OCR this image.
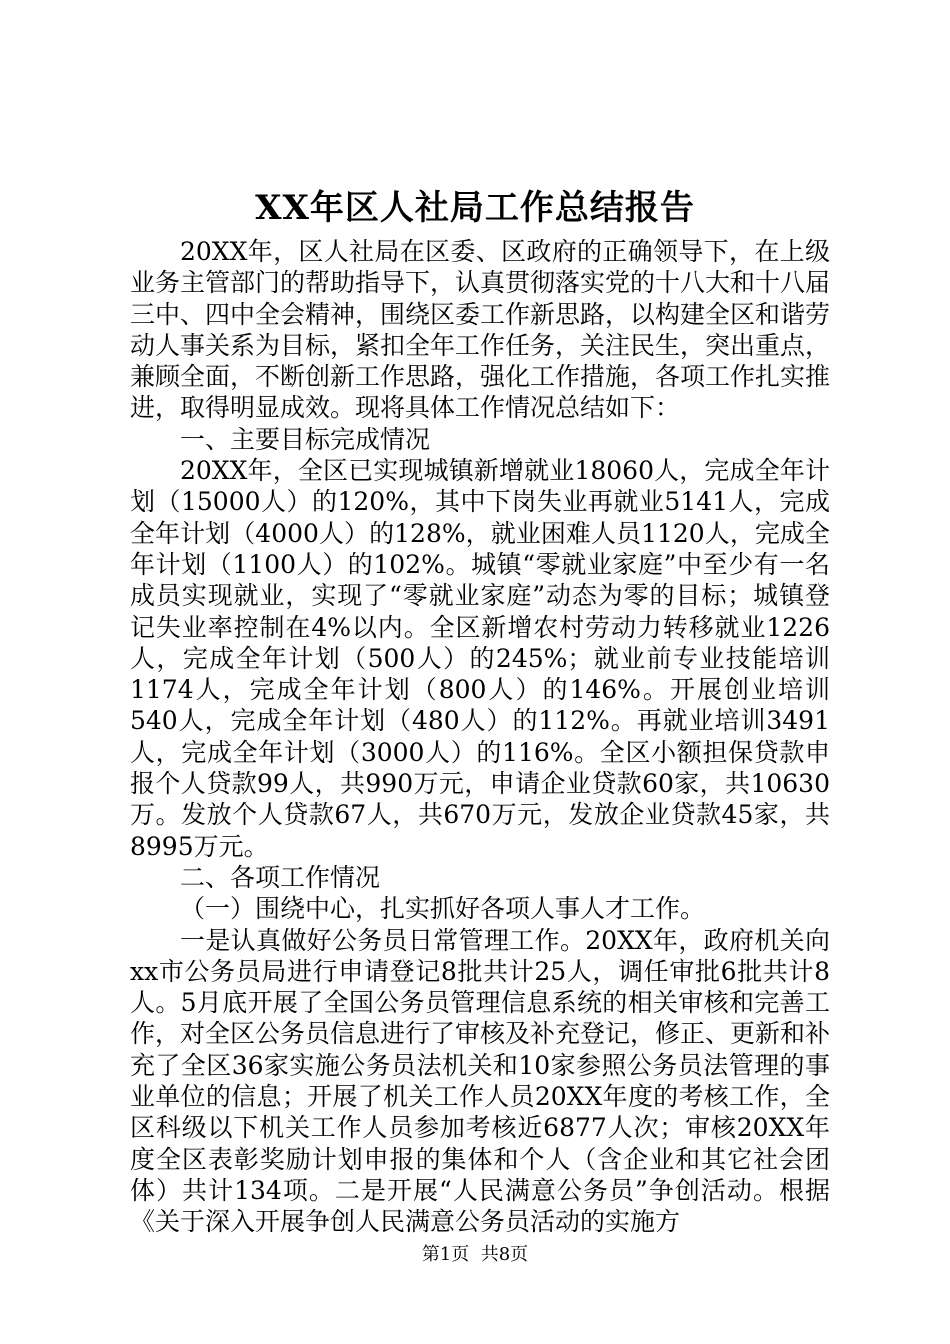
XX年区人社局工作总结报告

20XX年，区人社局在区委、区政府的正确领导下，在上级业务主管部门的帮助指导下，认真贯彻落实党的十八大和十八届三中、四中全会精神，围绕区委工作新思路，以构建全区和谐劳动人事关系为目标，紧扣全年工作任务，关注民生，突出重点，兼顾全面，不断创新工作思路，强化工作措施，各项工作扎实推进，取得明显成效。现将具体工作情况总结如下：

一、主要目标完成情况

20XX年，全区已实现城镇新增就业18060人，完成全年计划（15000人）的120%，其中下岗失业再就业5141人，完成全年计划（4000人）的128%，就业困难人员1120人，完成全年计划（1100人）的102%。城镇“零就业家庭”中至少有一名成员实现就业，实现了“零就业家庭”动态为零的目标；城镇登记失业率控制在4%以内。全区新增农村劳动力转移就业1226人，完成全年计划（500人）的245%；就业前专业技能培训1174人，完成全年计划（800人）的146%。开展创业培训540人，完成全年计划（480人）的112%。再就业培训3491人，完成全年计划（3000人）的116%。全区小额担保贷款申报个人贷款99人，共990万元，申请企业贷款60家，共10630万。发放个人贷款67人，共670万元，发放企业贷款45家，共8995万元。

二、各项工作情况

（一）围绕中心，扎实抓好各项人事人才工作。

一是认真做好公务员日常管理工作。20XX年，政府机关向xx市公务员局进行申请登记8批共计25人，调任审批6批共计8人。5月底开展了全国公务员管理信息系统的相关审核和完善工作，对全区公务员信息进行了审核及补充登记，修正、更新和补充了全区36家实施公务员法机关和10家参照公务员法管理的事业单位的信息；开展了机关工作人员20XX年度的考核工作，全区科级以下机关工作人员参加考核近6877人次；审核20XX年度全区表彰奖励计划申报的集体和个人（含企业和其它社会团体）共计134项。二是开展“人民满意公务员”争创活动。根据《关于深入开展争创人民满意公务员活动的实施方

第1页 共8页
